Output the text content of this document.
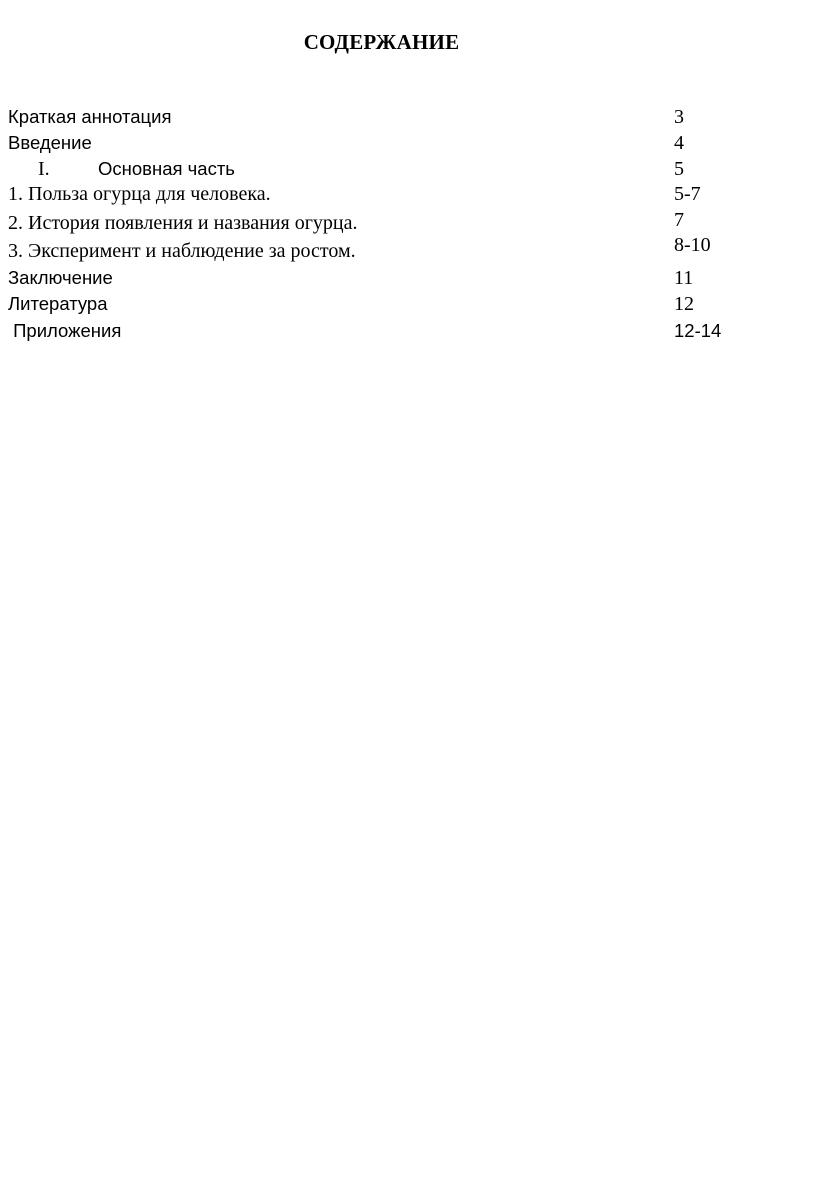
СОДЕРЖАНИЕ
Краткая аннотация	3
Введение	4
I.	Основная часть	5
1. Польза огурца для человека.	5-7
2. История появления и названия огурца.	7
3. Эксперимент и наблюдение за ростом.	8-10
Заключение	11
Литература	12
Приложения	12-14
